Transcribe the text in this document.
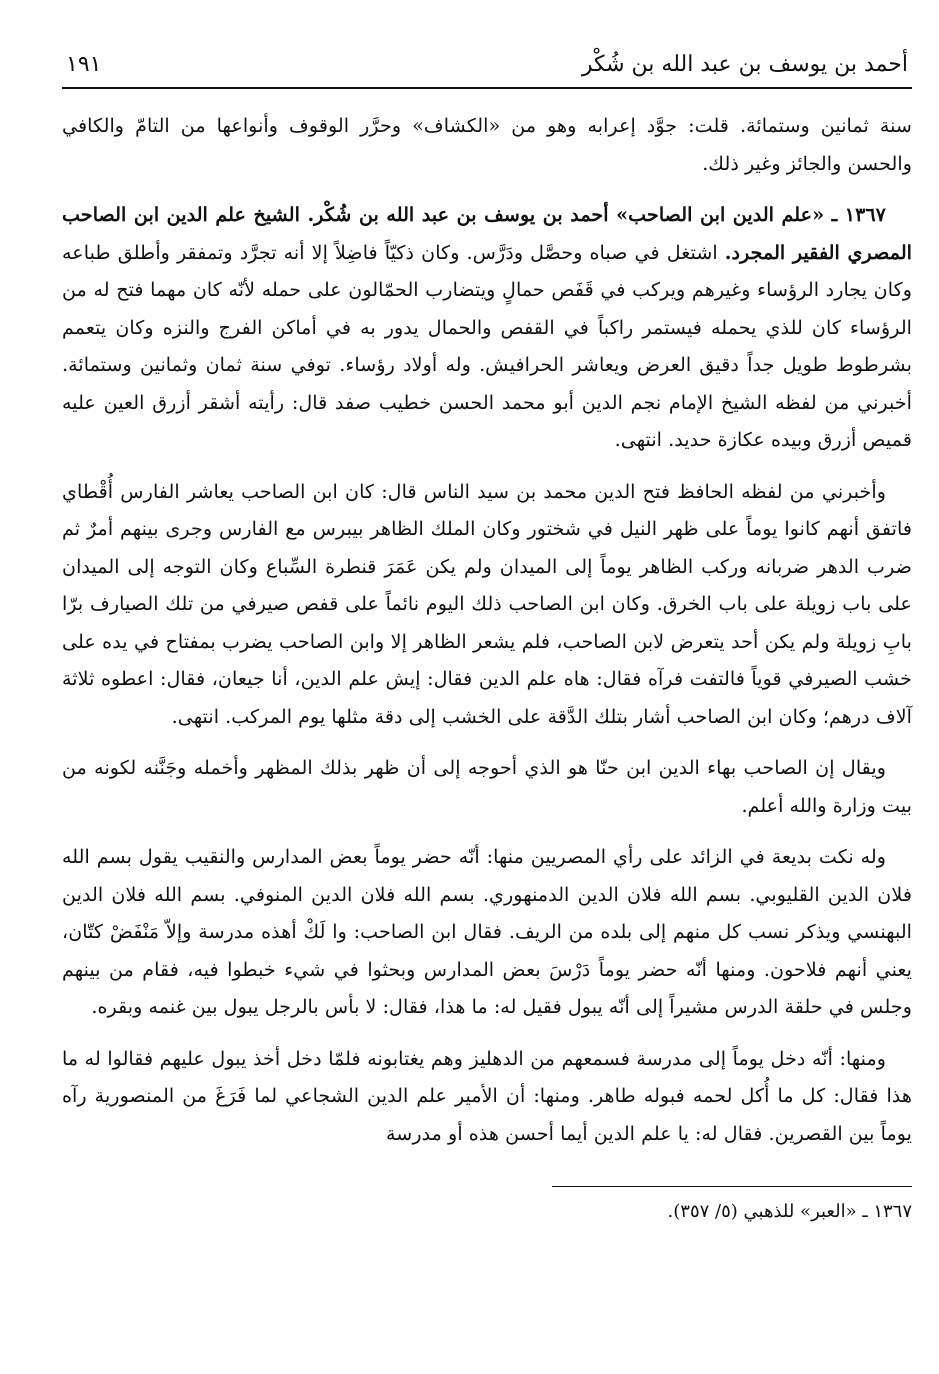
أحمد بن يوسف بن عبد الله بن شُكْر
١٩١

سنة ثمانين وستمائة. قلت: جوَّد إعرابه وهو من «الكشاف» وحرَّر الوقوف وأنواعها من التامّ والكافي والحسن والجائز وغير ذلك.

١٣٦٧ ـ «علم الدين ابن الصاحب» أحمد بن يوسف بن عبد الله بن شُكْر. الشيخ علم الدين ابن الصاحب المصري الفقير المجرد. اشتغل في صباه وحصَّل ودَرَّس. وكان ذكيّاً فاضِلاً إلا أنه تجرَّد وتمفقر وأطلق طباعه وكان يجارد الرؤساء وغيرهم ويركب في قَفَص حمالٍ ويتضارب الحمّالون على حمله لأنّه كان مهما فتح له من الرؤساء كان للذي يحمله فيستمر راكباً في القفص والحمال يدور به في أماكن الفرج والنزه وكان يتعمم بشرطوط طويل جداً دقيق العرض ويعاشر الحرافيش. وله أولاد رؤساء. توفي سنة ثمان وثمانين وستمائة. أخبرني من لفظه الشيخ الإمام نجم الدين أبو محمد الحسن خطيب صفد قال: رأيته أشقر أزرق العين عليه قميص أزرق وبيده عكازة حديد. انتهى.

وأخبرني من لفظه الحافظ فتح الدين محمد بن سيد الناس قال: كان ابن الصاحب يعاشر الفارس أُقْطاي فاتفق أنهم كانوا يوماً على ظهر النيل في شختور وكان الملك الظاهر بيبرس مع الفارس وجرى بينهم أمرٌ ثم ضرب الدهر ضربانه وركب الظاهر يوماً إلى الميدان ولم يكن عَمَرَ قنطرة السِّباع وكان التوجه إلى الميدان على باب زويلة على باب الخرق. وكان ابن الصاحب ذلك اليوم نائماً على قفص صيرفي من تلك الصيارف برّا بابِ زويلة ولم يكن أحد يتعرض لابن الصاحب، فلم يشعر الظاهر إلا وابن الصاحب يضرب بمفتاح في يده على خشب الصيرفي قوياً فالتفت فرآه فقال: هاه علم الدين فقال: إيش علم الدين، أنا جيعان، فقال: اعطوه ثلاثة آلاف درهم؛ وكان ابن الصاحب أشار بتلك الدَّقة على الخشب إلى دقة مثلها يوم المركب. انتهى.

ويقال إن الصاحب بهاء الدين ابن حنّا هو الذي أحوجه إلى أن ظهر بذلك المظهر وأخمله وجَنَّنه لكونه من بيت وزارة والله أعلم.

وله نكت بديعة في الزائد على رأي المصريين منها: أنّه حضر يوماً بعض المدارس والنقيب يقول بسم الله فلان الدين القليوبي. بسم الله فلان الدين الدمنهوري. بسم الله فلان الدين المنوفي. بسم الله فلان الدين البهنسي ويذكر نسب كل منهم إلى بلده من الريف. فقال ابن الصاحب: وا لَكْ أهذه مدرسة وإلاّ مَنْفَضْ كتّان، يعني أنهم فلاحون. ومنها أنّه حضر يوماً دَرْسَ بعض المدارس وبحثوا في شيء خبطوا فيه، فقام من بينهم وجلس في حلقة الدرس مشيراً إلى أنّه يبول فقيل له: ما هذا، فقال: لا بأس بالرجل يبول بين غنمه وبقره.

ومنها: أنّه دخل يوماً إلى مدرسة فسمعهم من الدهليز وهم يغتابونه فلمّا دخل أخذ يبول عليهم فقالوا له ما هذا فقال: كل ما أُكل لحمه فبوله طاهر. ومنها: أن الأمير علم الدين الشجاعي لما فَرَغَ من المنصورية رآه يوماً بين القصرين. فقال له: يا علم الدين أيما أحسن هذه أو مدرسة

١٣٦٧ ـ «العبر» للذهبي (٥/ ٣٥٧).
